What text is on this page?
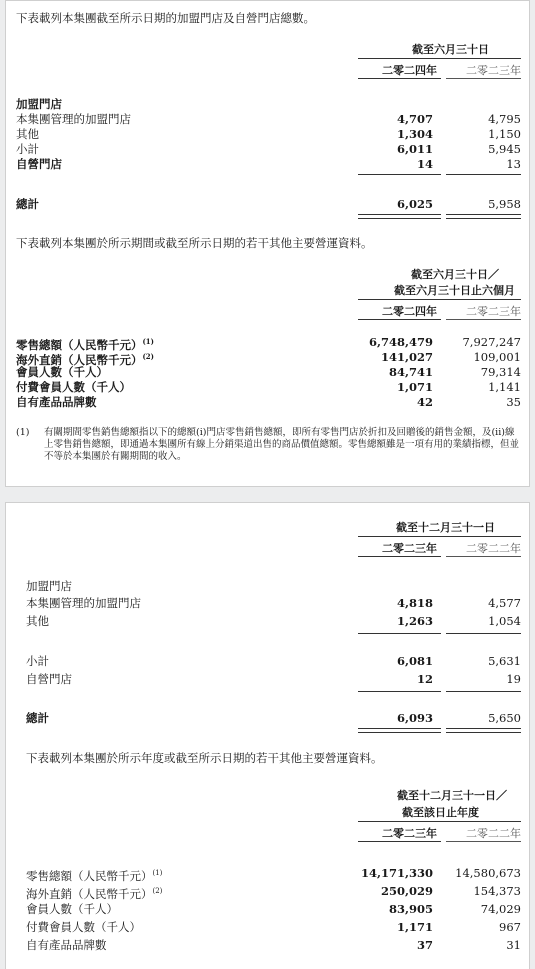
下表載列本集團截至所示日期的加盟門店及自營門店總數。
截至六月三十日
二零二四年	二零二三年
加盟門店
本集團管理的加盟門店	4,707	4,795
其他	1,304	1,150
小計	6,011	5,945
自營門店	14	13
總計	6,025	5,958
下表載列本集團於所示期間或截至所示日期的若干其他主要營運資料。
截至六月三十日／
截至六月三十日止六個月
二零二四年	二零二三年
零售總額（人民幣千元）$^{(1)}$	6,748,479	7,927,247
海外直銷（人民幣千元）$^{(2)}$	141,027	109,001
會員人數（千人）	84,741	79,314
付費會員人數（千人）	1,071	1,141
自有產品品牌數	42	35
(1)	有關期間零售銷售總額指以下的總額(i)門店零售銷售總額，即所有零售門店於折扣及回贈後的銷售金額，及(ii)線上零售銷售總額，即通過本集團所有線上分銷渠道出售的商品價值總額。零售總額雖是一項有用的業績指標，但並不等於本集團於有關期間的收入。
截至十二月三十一日
二零二三年	二零二二年
加盟門店
本集團管理的加盟門店	4,818	4,577
其他	1,263	1,054
小計	6,081	5,631
自營門店	12	19
總計	6,093	5,650
下表載列本集團於所示年度或截至所示日期的若干其他主要營運資料。
截至十二月三十一日／
截至該日止年度
二零二三年	二零二二年
零售總額（人民幣千元）$^{(1)}$	14,171,330 14,580,673
海外直銷（人民幣千元）$^{(2)}$	250,029	154,373
會員人數（千人）	83,905	74,029
付費會員人數（千人）	1,171	967
自有產品品牌數	37	31
